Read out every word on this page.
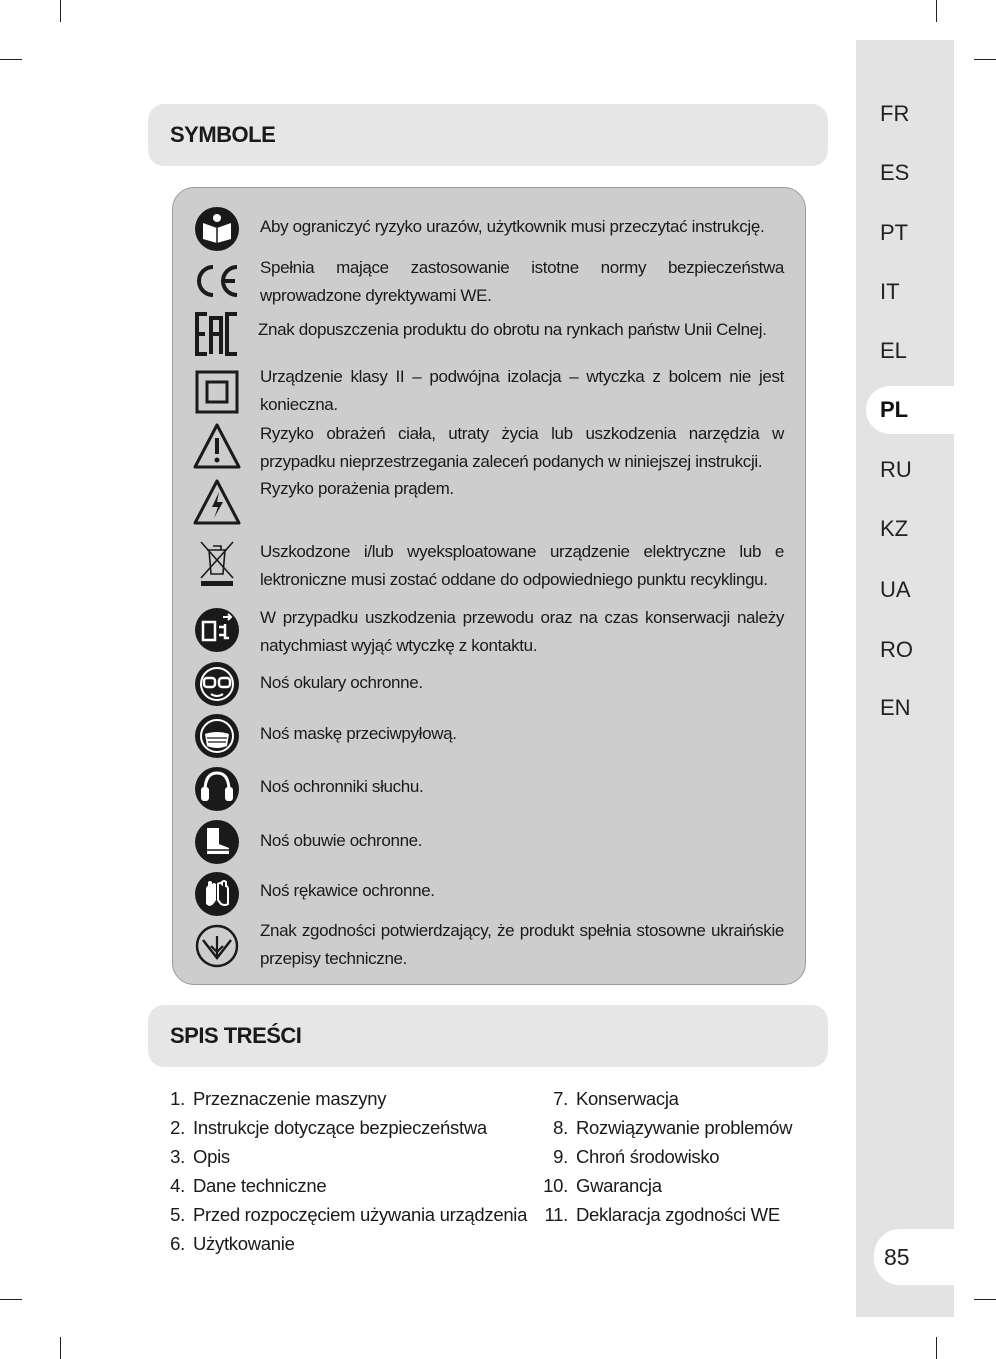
FR
ES
PT
IT
EL
PL
RU
KZ
UA
RO
EN
85
SYMBOLE
Aby ograniczyć ryzyko urazów, użytkownik musi przeczytać instrukcję.
Spełnia mające zastosowanie istotne normy bezpieczeństwa wprowadzone dyrektywami WE.
Znak dopuszczenia produktu do obrotu na rynkach państw Unii Celnej.
Urządzenie klasy II – podwójna izolacja – wtyczka z bolcem nie jest konieczna.
Ryzyko obrażeń ciała, utraty życia lub uszkodzenia narzędzia w przypadku nieprzestrzegania zaleceń podanych w niniejszej instrukcji.
Ryzyko porażenia prądem.
Uszkodzone i/lub wyeksploatowane urządzenie elektryczne lub e lektroniczne musi zostać oddane do odpowiedniego punktu recyklingu.
W przypadku uszkodzenia przewodu oraz na czas konserwacji należy natychmiast wyjąć wtyczkę z kontaktu.
Noś okulary ochronne.
Noś maskę przeciwpyłową.
Noś ochronniki słuchu.
Noś obuwie ochronne.
Noś rękawice ochronne.
Znak zgodności potwierdzający, że produkt spełnia stosowne ukraińskie przepisy techniczne.
SPIS TREŚCI
1. Przeznaczenie maszyny
2. Instrukcje dotyczące bezpieczeństwa
3. Opis
4. Dane techniczne
5. Przed rozpoczęciem używania urządzenia
6. Użytkowanie
7. Konserwacja
8. Rozwiązywanie problemów
9. Chroń środowisko
10. Gwarancja
11. Deklaracja zgodności WE
